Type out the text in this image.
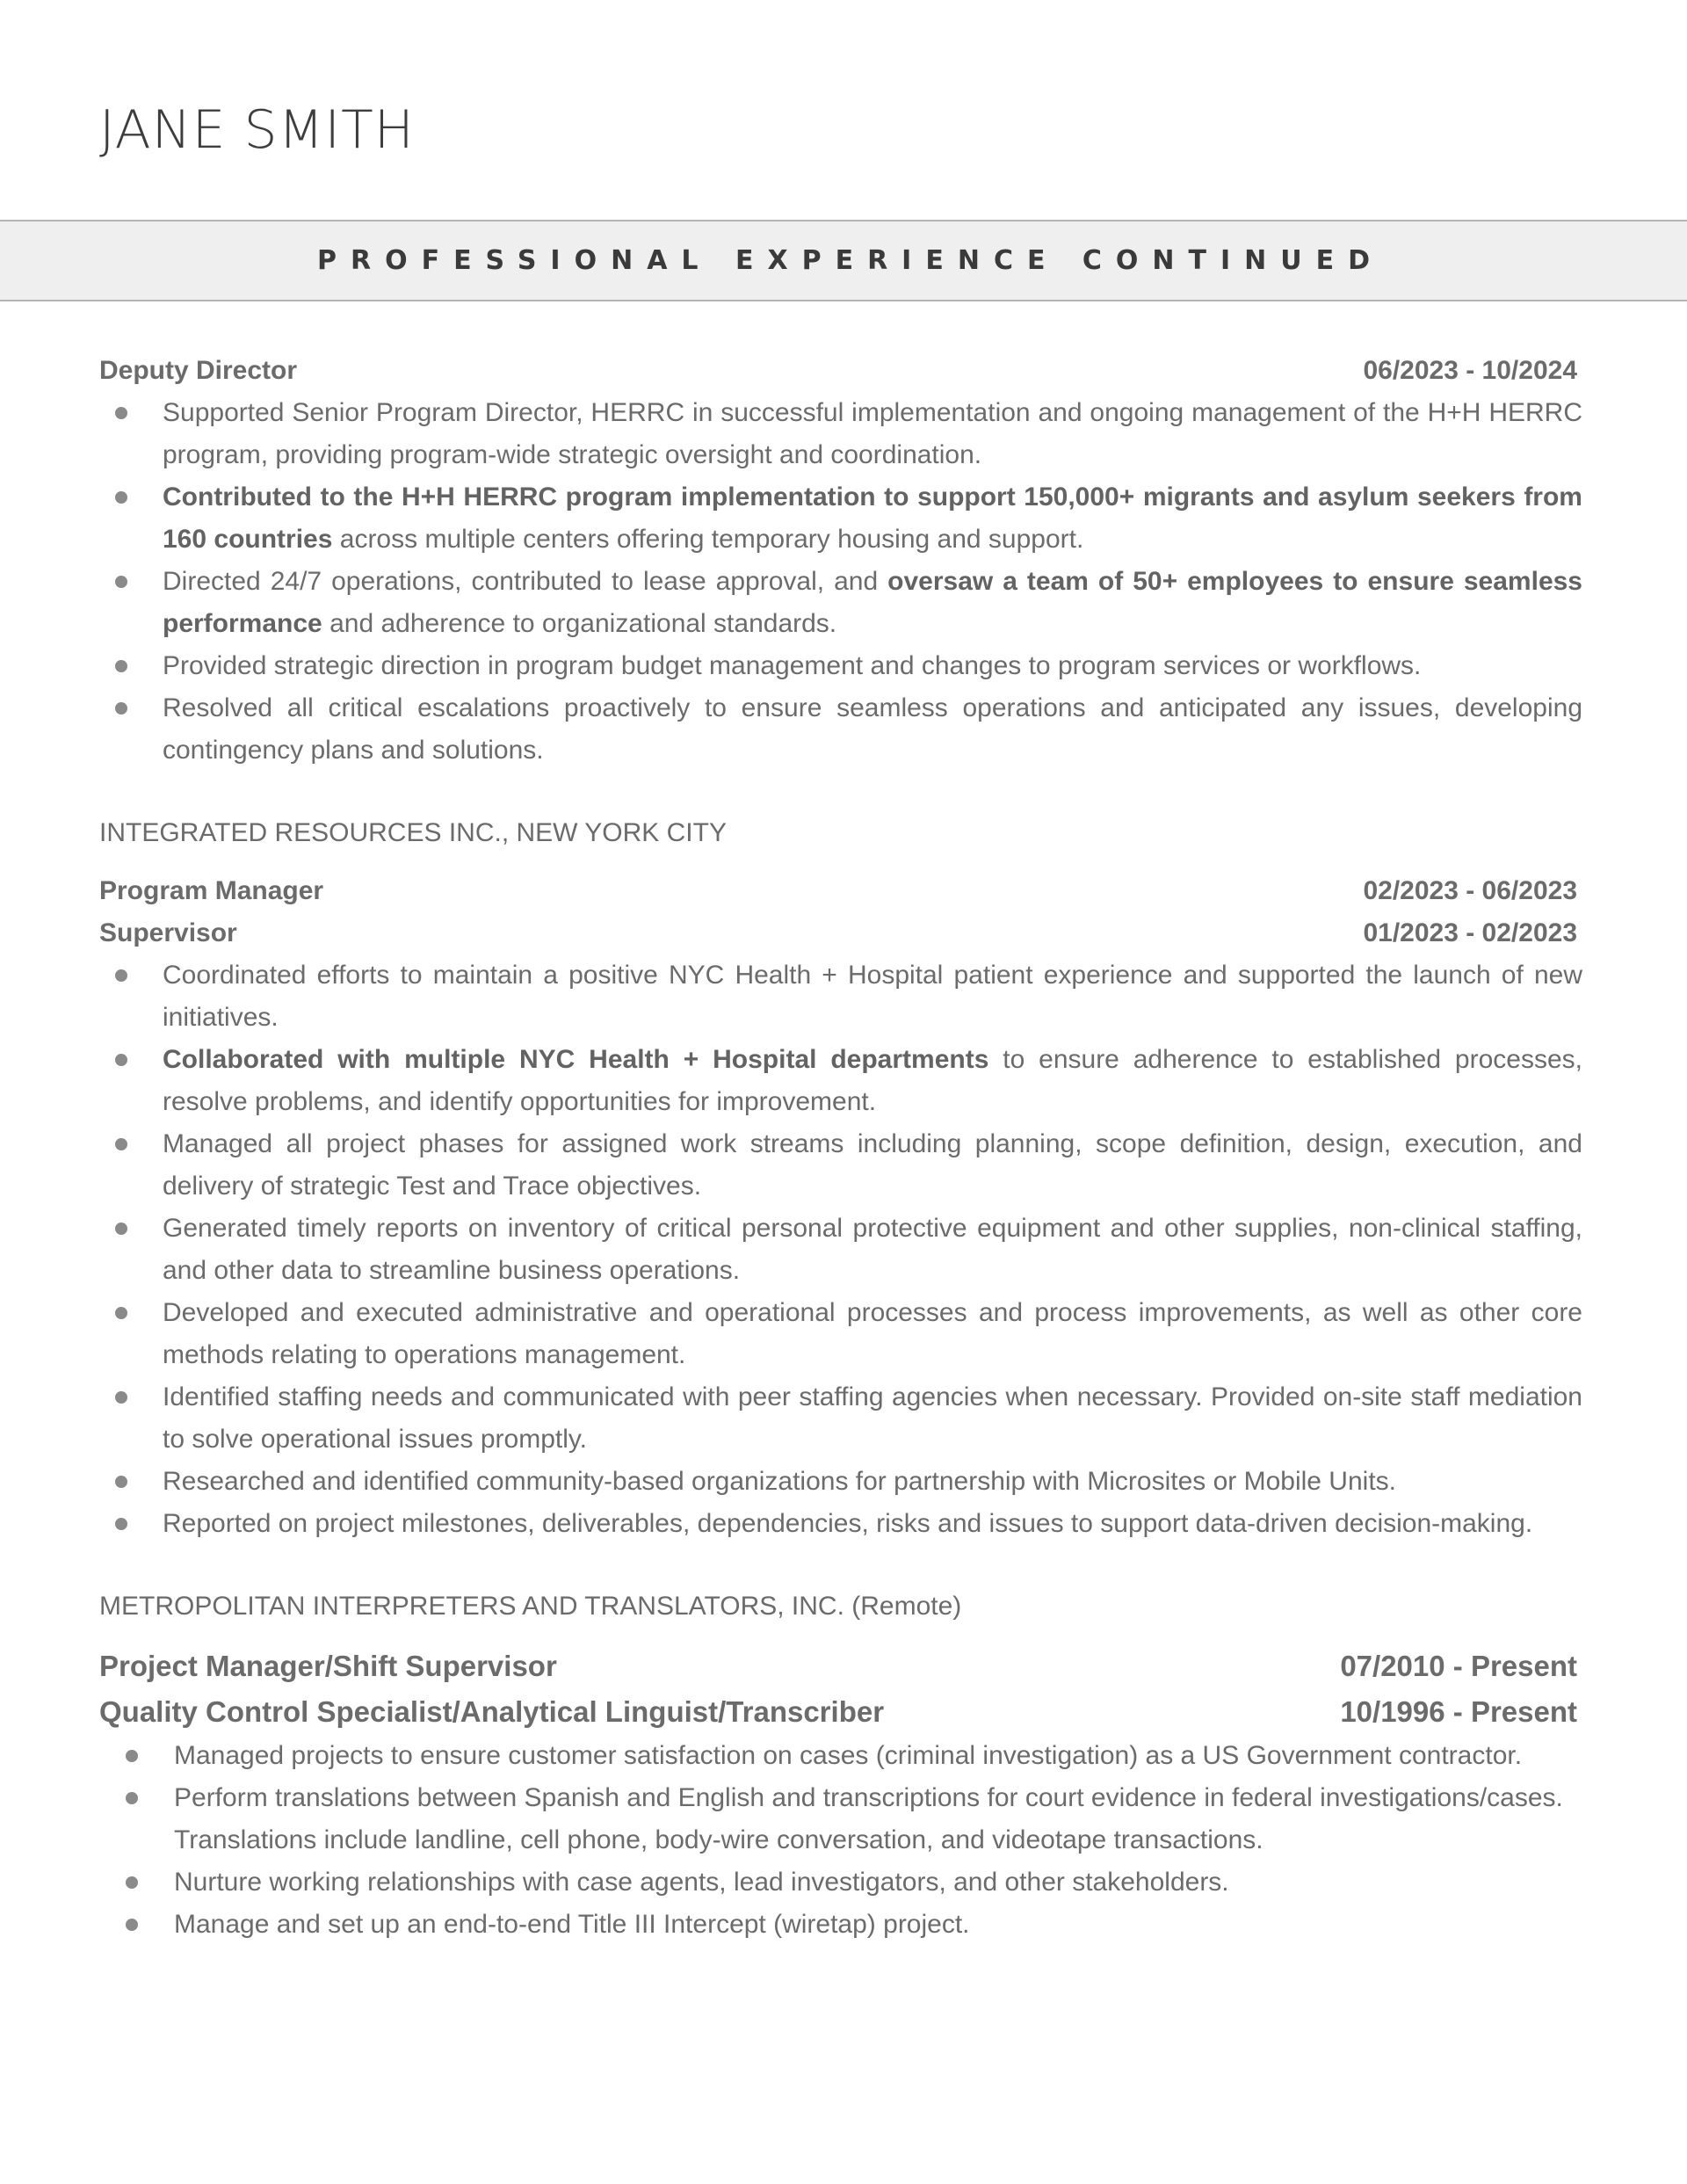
JANE SMITH
PROFESSIONAL EXPERIENCE CONTINUED
Deputy Director	06/2023 - 10/2024
Supported Senior Program Director, HERRC in successful implementation and ongoing management of the H+H HERRC program, providing program-wide strategic oversight and coordination.
Contributed to the H+H HERRC program implementation to support 150,000+ migrants and asylum seekers from 160 countries across multiple centers offering temporary housing and support.
Directed 24/7 operations, contributed to lease approval, and oversaw a team of 50+ employees to ensure seamless performance and adherence to organizational standards.
Provided strategic direction in program budget management and changes to program services or workflows.
Resolved all critical escalations proactively to ensure seamless operations and anticipated any issues, developing contingency plans and solutions.
INTEGRATED RESOURCES INC., NEW YORK CITY
Program Manager	02/2023 - 06/2023
Supervisor	01/2023 - 02/2023
Coordinated efforts to maintain a positive NYC Health + Hospital patient experience and supported the launch of new initiatives.
Collaborated with multiple NYC Health + Hospital departments to ensure adherence to established processes, resolve problems, and identify opportunities for improvement.
Managed all project phases for assigned work streams including planning, scope definition, design, execution, and delivery of strategic Test and Trace objectives.
Generated timely reports on inventory of critical personal protective equipment and other supplies, non-clinical staffing, and other data to streamline business operations.
Developed and executed administrative and operational processes and process improvements, as well as other core methods relating to operations management.
Identified staffing needs and communicated with peer staffing agencies when necessary. Provided on-site staff mediation to solve operational issues promptly.
Researched and identified community-based organizations for partnership with Microsites or Mobile Units.
Reported on project milestones, deliverables, dependencies, risks and issues to support data-driven decision-making.
METROPOLITAN INTERPRETERS AND TRANSLATORS, INC. (Remote)
Project Manager/Shift Supervisor	07/2010 - Present
Quality Control Specialist/Analytical Linguist/Transcriber	10/1996 - Present
Managed projects to ensure customer satisfaction on cases (criminal investigation) as a US Government contractor.
Perform translations between Spanish and English and transcriptions for court evidence in federal investigations/cases. Translations include landline, cell phone, body-wire conversation, and videotape transactions.
Nurture working relationships with case agents, lead investigators, and other stakeholders.
Manage and set up an end-to-end Title III Intercept (wiretap) project.
